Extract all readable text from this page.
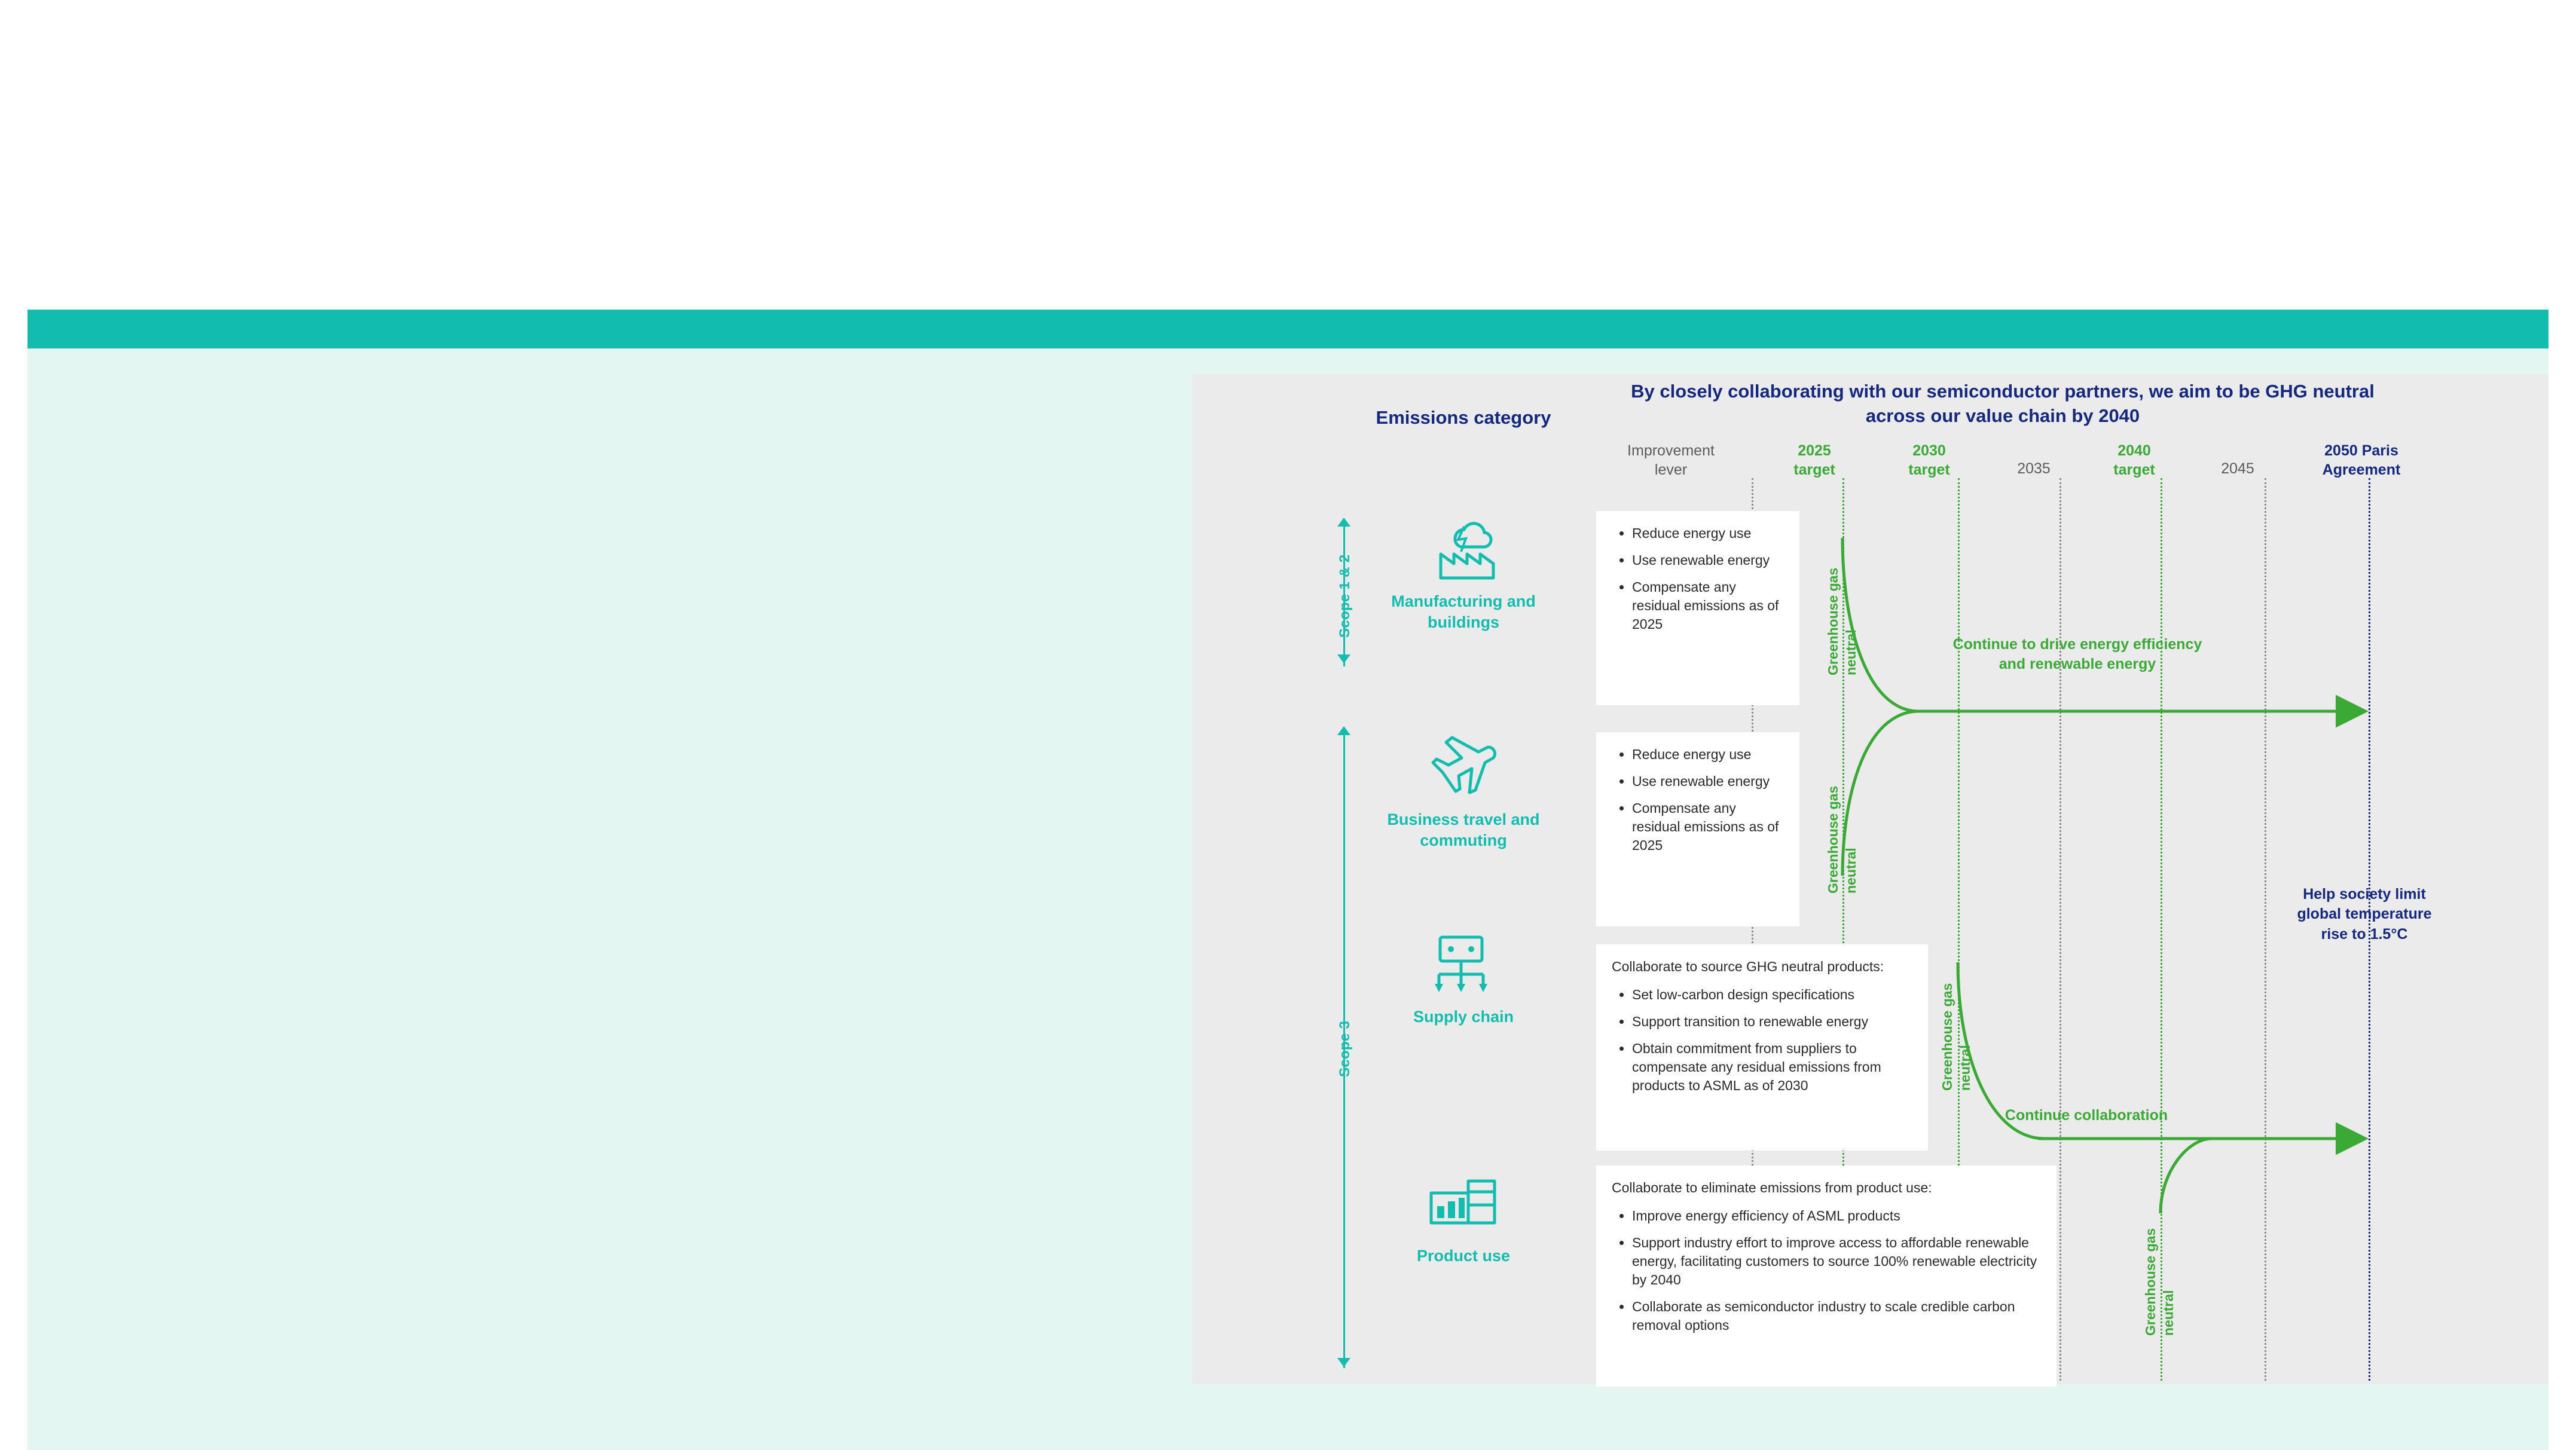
Emissions category
By closely collaborating with our semiconductor partners, we aim to be GHG neutral across our value chain by 2040
Improvement lever
2025
target
2030
target	2035
2040
target	2045
2050 Paris
Agreement
Scope 1 & 2
Scope 3
Manufacturing and buildings
• Reduce energy use
• Use renewable energy
• Compensate any residual emissions as of 2025	Greenhouse gas neutral
Business travel and commuting
• Reduce energy use
• Use renewable energy
• Compensate any residual emissions as of 2025	Greenhouse gas neutral
Supply chain

Collaborate to source GHG neutral products:

• Set low-carbon design specifications
• Support transition to renewable energy
• Obtain commitment from suppliers to compensate any residual emissions from products to ASML as of 2030	Greenhouse gas neutral
Product use

Collaborate to eliminate emissions from product use:

• Improve energy efficiency of ASML products
• Support industry effort to improve access to affordable renewable energy, facilitating customers to source 100% renewable electricity by 2040
• Collaborate as semiconductor industry to scale credible carbon removal options	Greenhouse gas neutral
Continue to drive energy efficiency and renewable energy
Continue collaboration
Help society limit global temperature rise to 1.5°C
